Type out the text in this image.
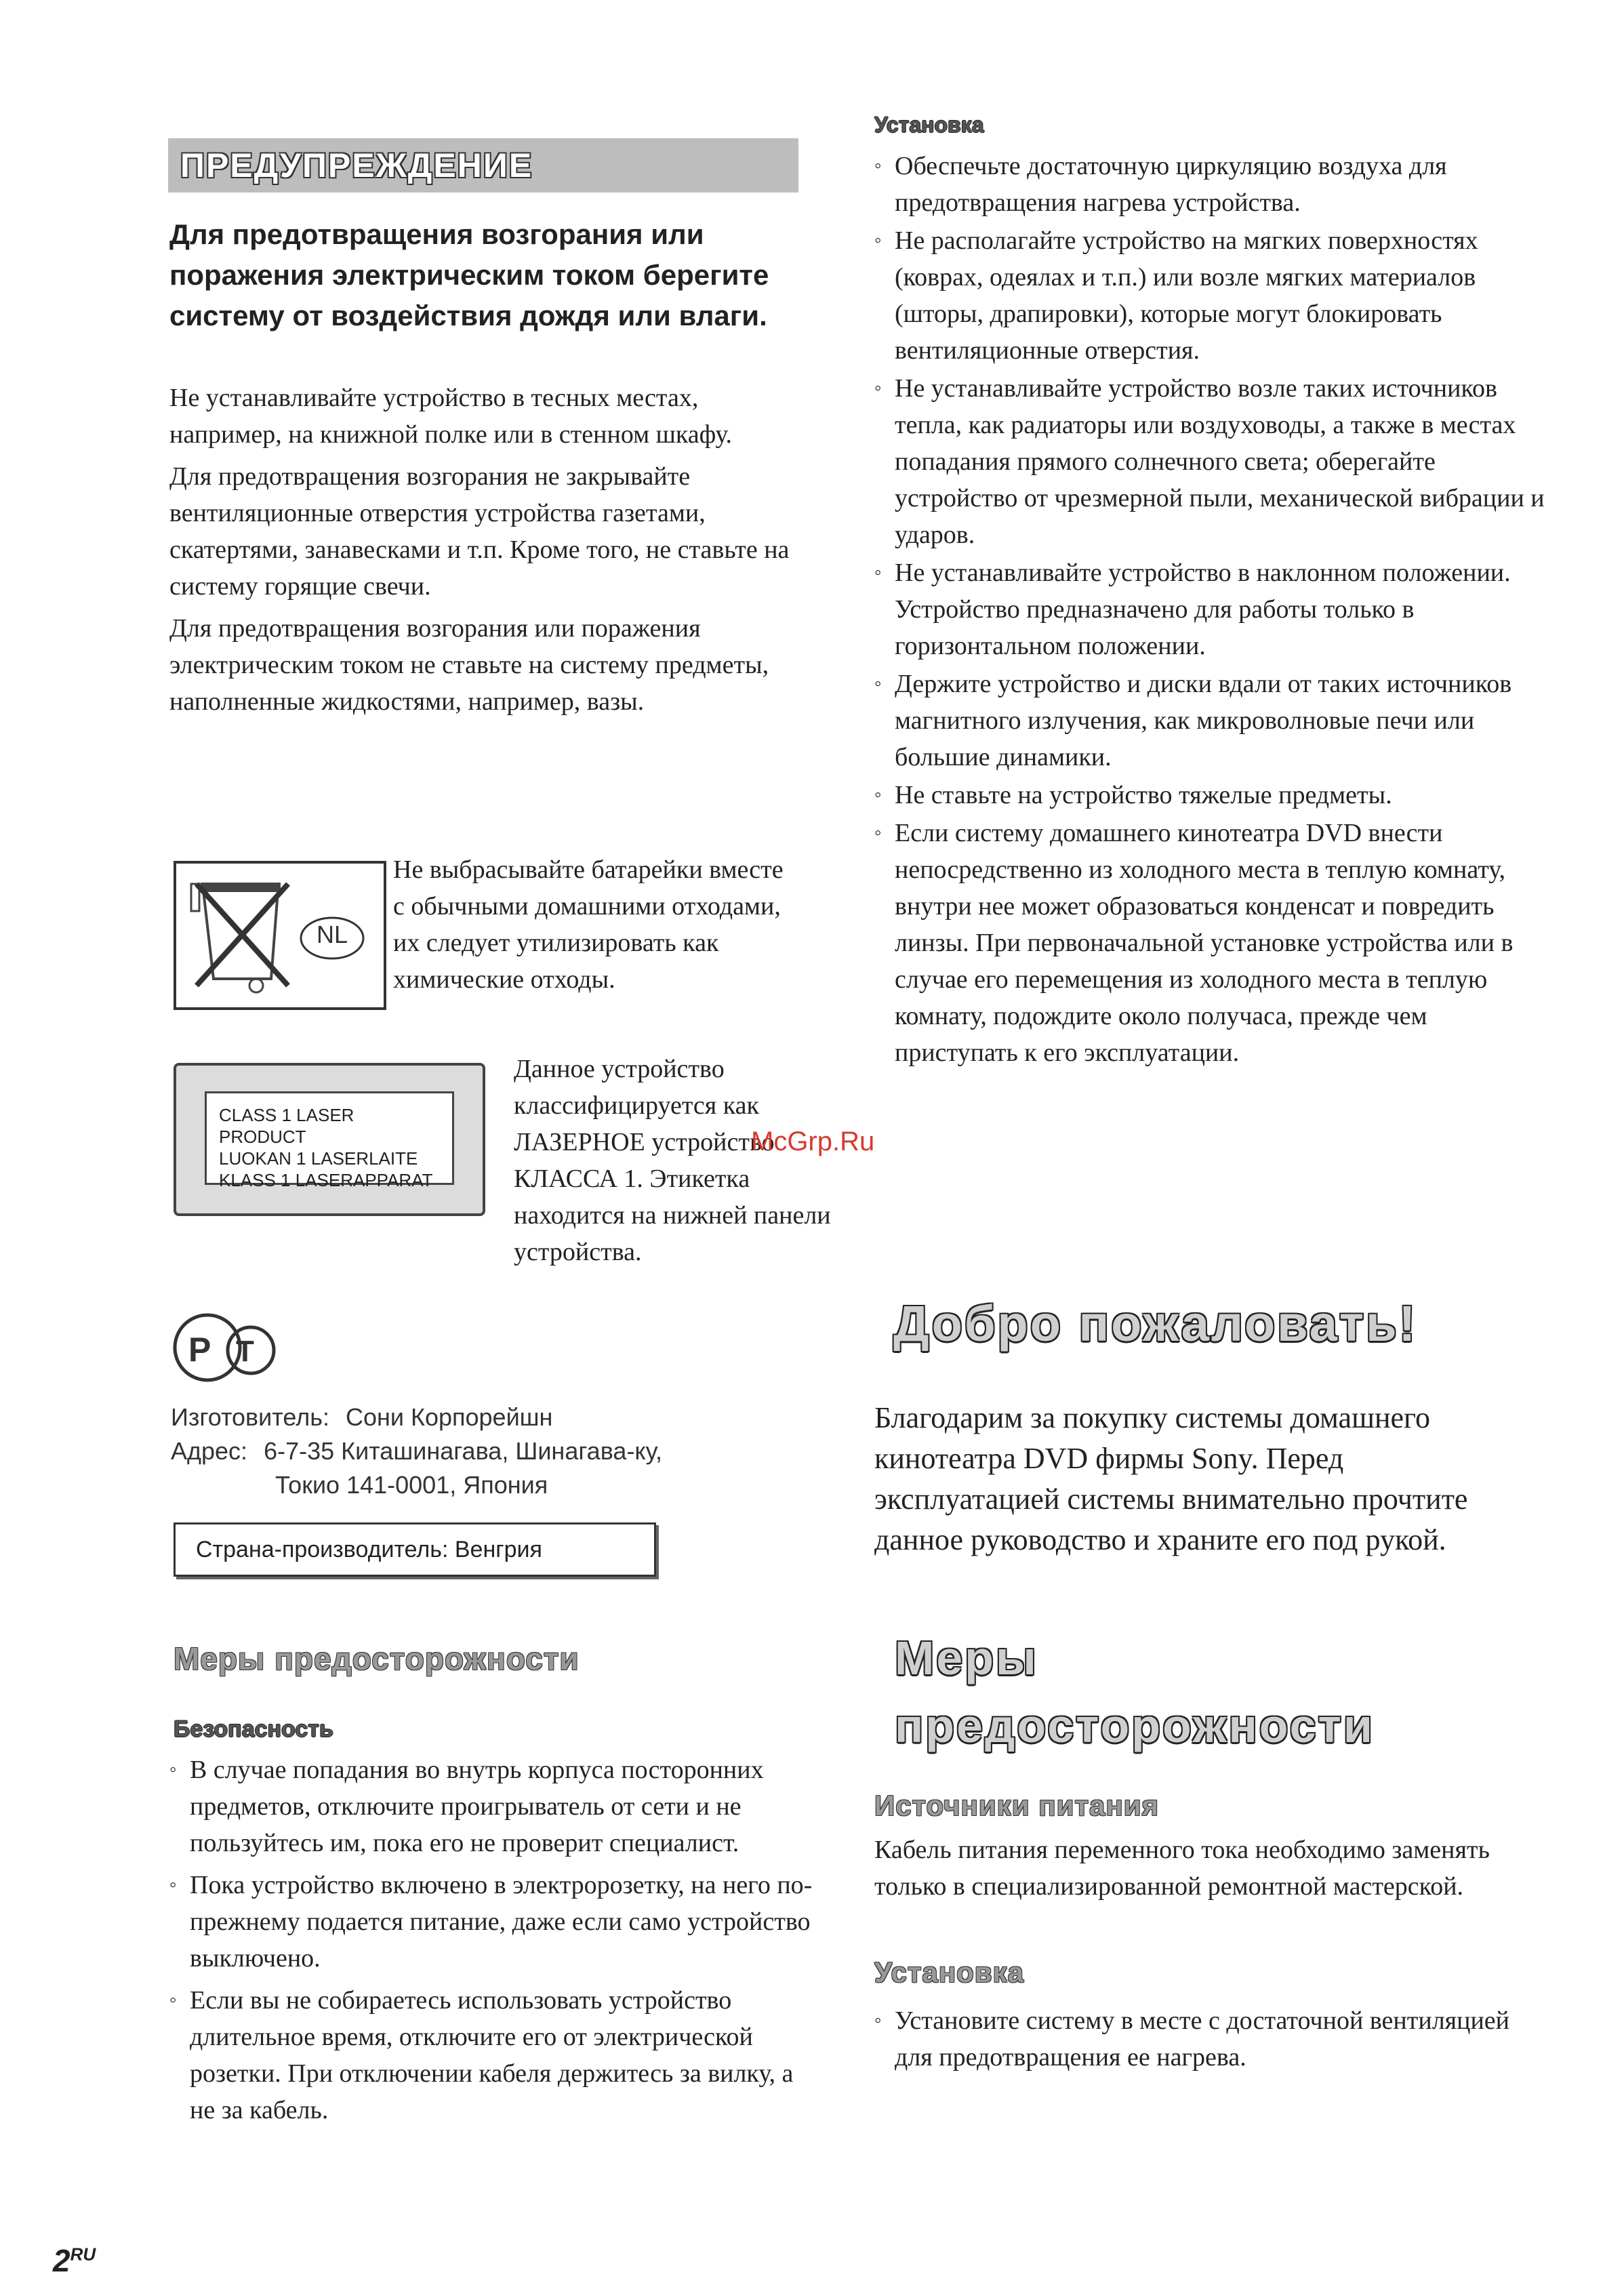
ПРЕДУПРЕЖДЕНИЕ
Для предотвращения возгорания или поражения электрическим током берегите систему от воздействия дождя или влаги.

Не устанавливайте устройство в тесных местах, например, на книжной полке или в стенном шкафу.

Для предотвращения возгорания не закрывайте вентиляционные отверстия устройства газетами, скатертями, занавесками и т.п. Кроме того, не ставьте на систему горящие свечи.

Для предотвращения возгорания или поражения электрическим током не ставьте на систему предметы, наполненные жидкостями, например, вазы.

NL
Не выбрасывайте батарейки вместе с обычными домашними отходами, их следует утилизировать как химические отходы.
CLASS 1 LASER PRODUCT
LUOKAN 1 LASERLAITE
KLASS 1 LASERAPPARAT
Данное устройство классифицируется как ЛАЗЕРНОЕ устройство КЛАССА 1. Этикетка находится на нижней панели устройства.
P T
Изготовитель: Сони Корпорейшн
Адрес: 6-7-35 Киташинагава, Шинагава-ку,
Токио 141-0001, Япония
Страна-производитель: Венгрия
Меры предосторожности
Безопасность
◦ В случае попадания во внутрь корпуса посторонних предметов, отключите проигрыватель от сети и не пользуйтесь им, пока его не проверит специалист.
◦ Пока устройство включено в электророзетку, на него по-прежнему подается питание, даже если само устройство выключено.
◦ Если вы не собираетесь использовать устройство длительное время, отключите его от электрической розетки. При отключении кабеля держитесь за вилку, а не за кабель.
$2^{RU}$
Установка
◦ Обеспечьте достаточную циркуляцию воздуха для предотвращения нагрева устройства.
◦ Не располагайте устройство на мягких поверхностях (коврах, одеялах и т.п.) или возле мягких материалов (шторы, драпировки), которые могут блокировать вентиляционные отверстия.
◦ Не устанавливайте устройство возле таких источников тепла, как радиаторы или воздуховоды, а также в местах попадания прямого солнечного света; оберегайте устройство от чрезмерной пыли, механической вибрации и ударов.
◦ Не устанавливайте устройство в наклонном положении. Устройство предназначено для работы только в горизонтальном положении.
◦ Держите устройство и диски вдали от таких источников магнитного излучения, как микроволновые печи или большие динамики.
◦ Не ставьте на устройство тяжелые предметы.
◦ Если систему домашнего кинотеатра DVD внести непосредственно из холодного места в теплую комнату, внутри нее может образоваться конденсат и повредить линзы. При первоначальной установке устройства или в случае его перемещения из холодного места в теплую комнату, подождите около получаса, прежде чем приступать к его эксплуатации.
McGrp.Ru
Добро пожаловать!
Благодарим за покупку системы домашнего кинотеатра DVD фирмы Sony. Перед эксплуатацией системы внимательно прочтите данное руководство и храните его под рукой.
Меры
предосторожности
Источники питания
Кабель питания переменного тока необходимо заменять только в специализированной ремонтной мастерской.
Установка
◦ Установите систему в месте с достаточной вентиляцией для предотвращения ее нагрева.
